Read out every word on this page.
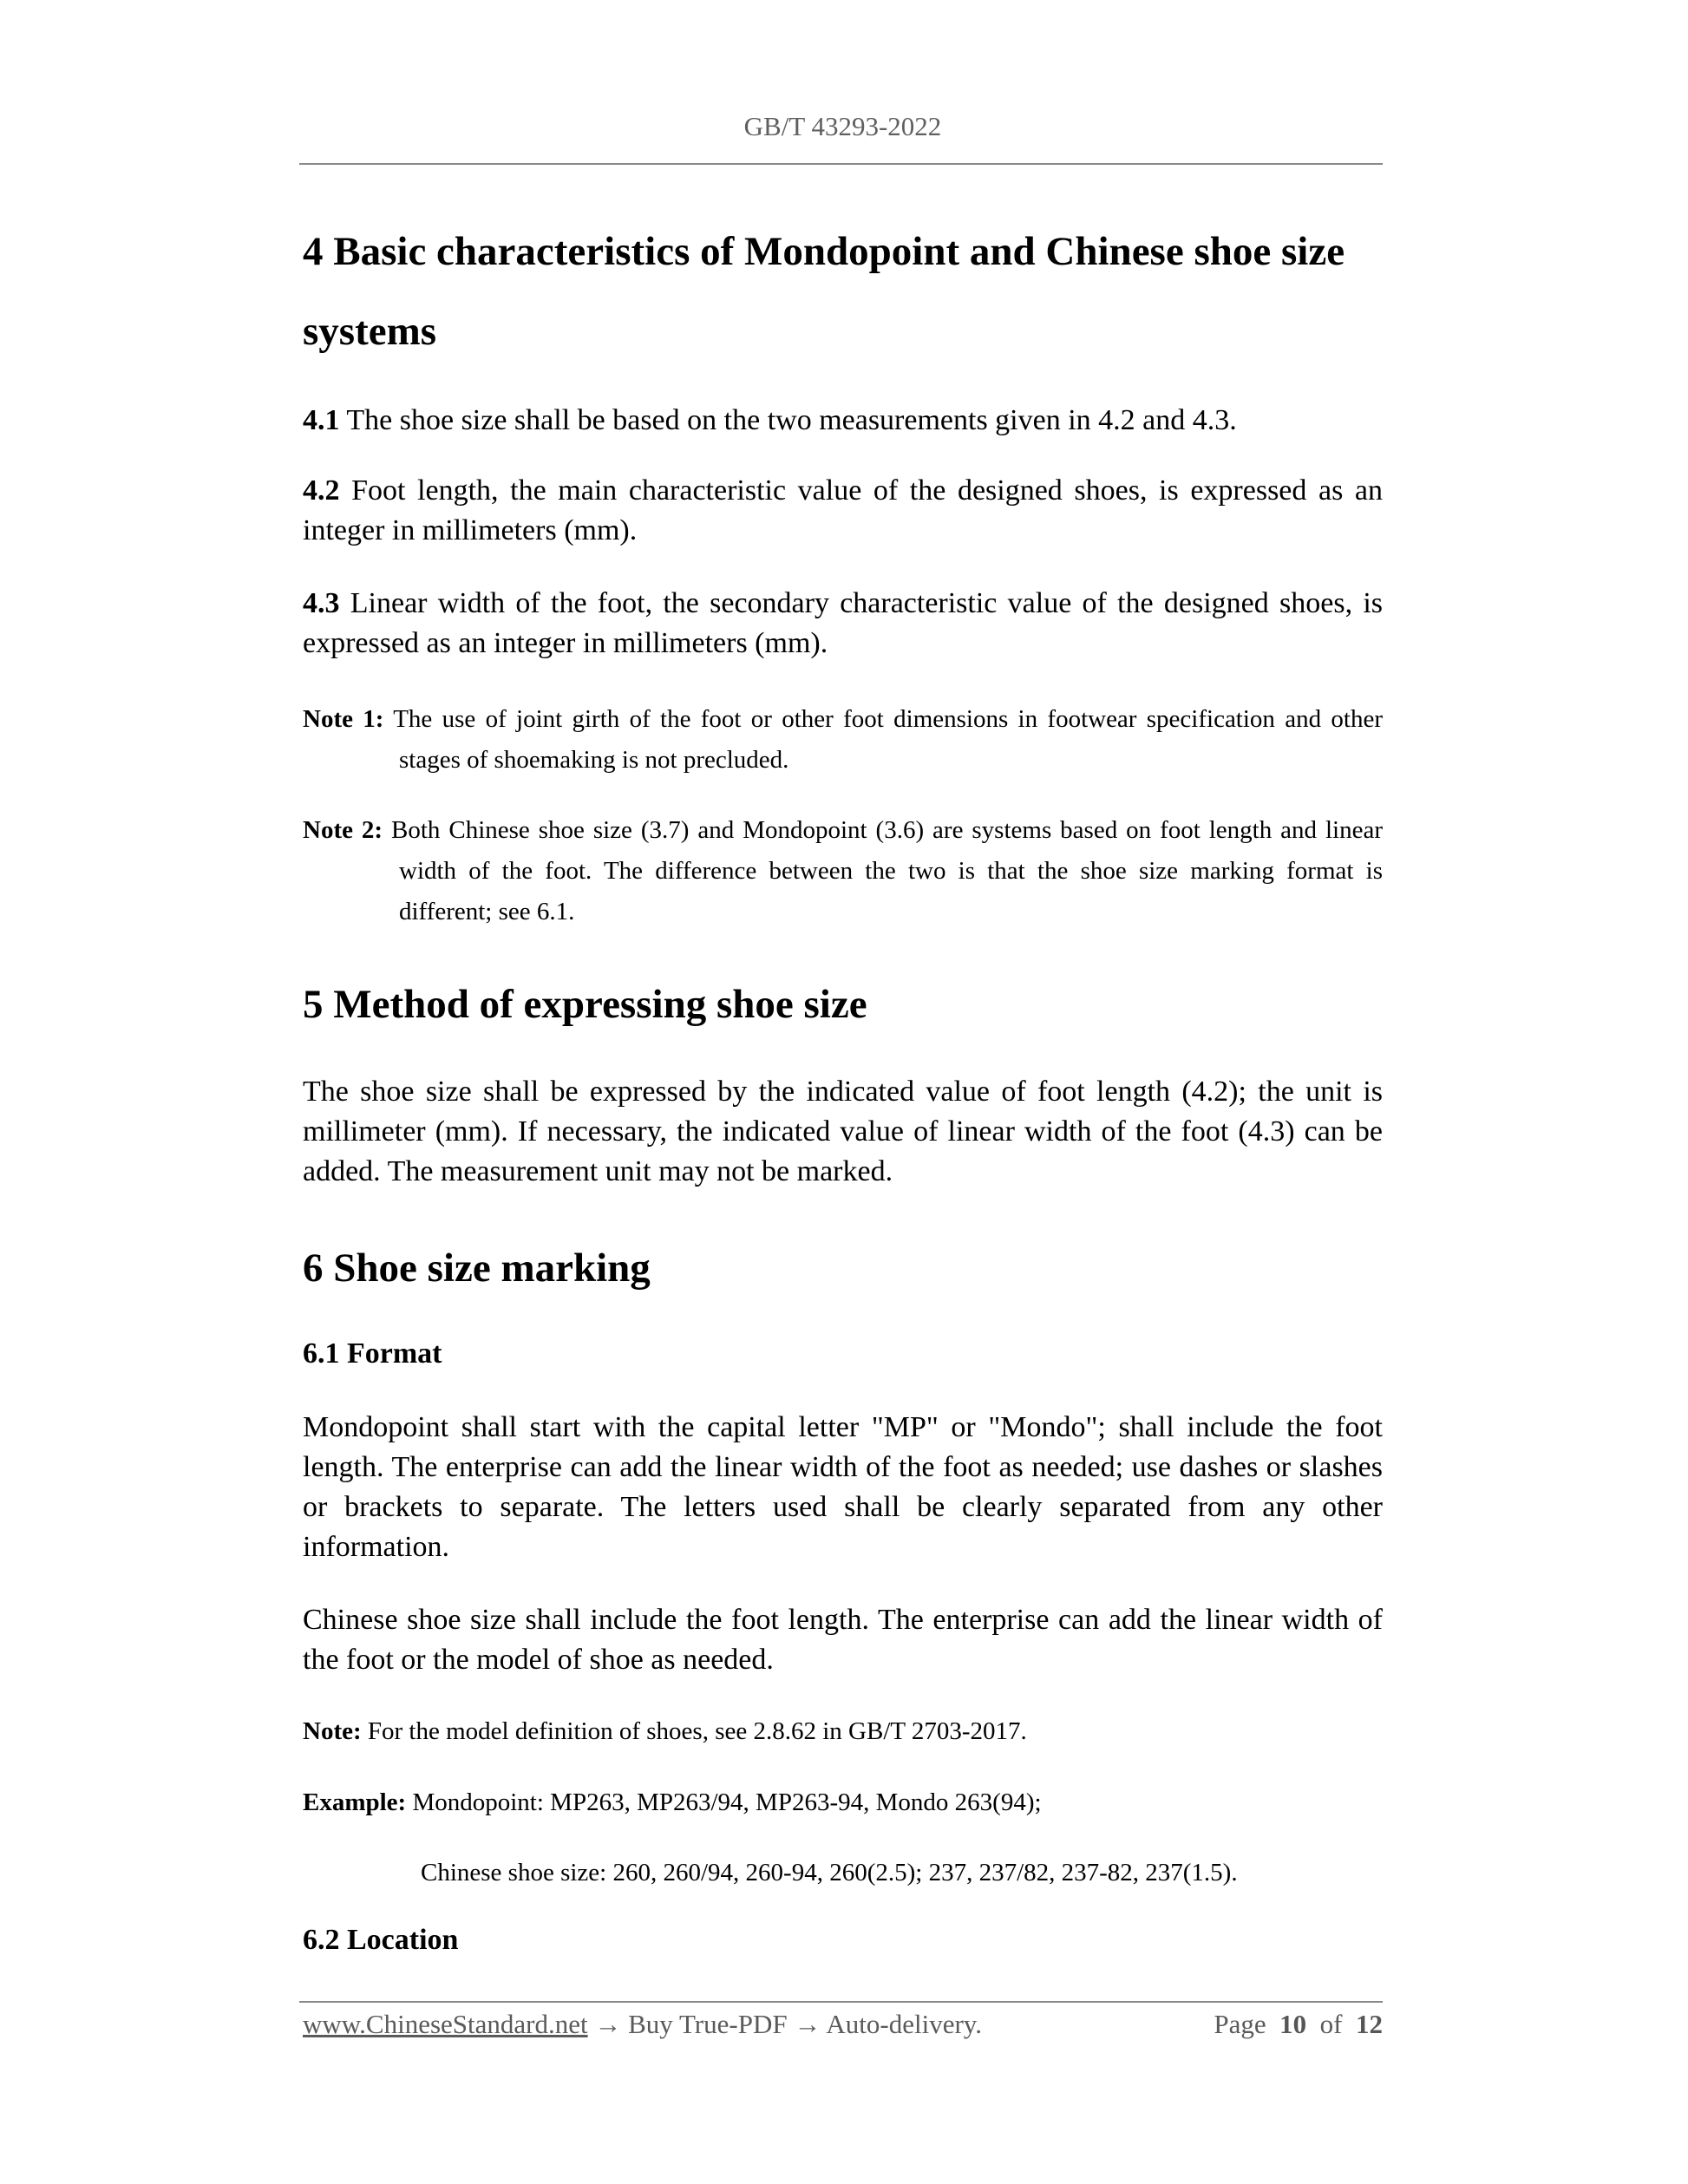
GB/T 43293-2022
4 Basic characteristics of Mondopoint and Chinese shoe size
systems
4.1 The shoe size shall be based on the two measurements given in 4.2 and 4.3.
4.2 Foot length, the main characteristic value of the designed shoes, is expressed as an integer in millimeters (mm).
4.3 Linear width of the foot, the secondary characteristic value of the designed shoes, is expressed as an integer in millimeters (mm).
Note 1: The use of joint girth of the foot or other foot dimensions in footwear specification and other stages of shoemaking is not precluded.
Note 2: Both Chinese shoe size (3.7) and Mondopoint (3.6) are systems based on foot length and linear width of the foot. The difference between the two is that the shoe size marking format is different; see 6.1.
5 Method of expressing shoe size
The shoe size shall be expressed by the indicated value of foot length (4.2); the unit is millimeter (mm). If necessary, the indicated value of linear width of the foot (4.3) can be added. The measurement unit may not be marked.
6 Shoe size marking
6.1 Format
Mondopoint shall start with the capital letter "MP" or "Mondo"; shall include the foot length. The enterprise can add the linear width of the foot as needed; use dashes or slashes or brackets to separate. The letters used shall be clearly separated from any other information.
Chinese shoe size shall include the foot length. The enterprise can add the linear width of the foot or the model of shoe as needed.
Note: For the model definition of shoes, see 2.8.62 in GB/T 2703-2017.
Example: Mondopoint: MP263, MP263/94, MP263-94, Mondo 263(94);
Chinese shoe size: 260, 260/94, 260-94, 260(2.5); 237, 237/82, 237-82, 237(1.5).
6.2 Location
www.ChineseStandard.net → Buy True-PDF → Auto-delivery.	Page 10 of 12
